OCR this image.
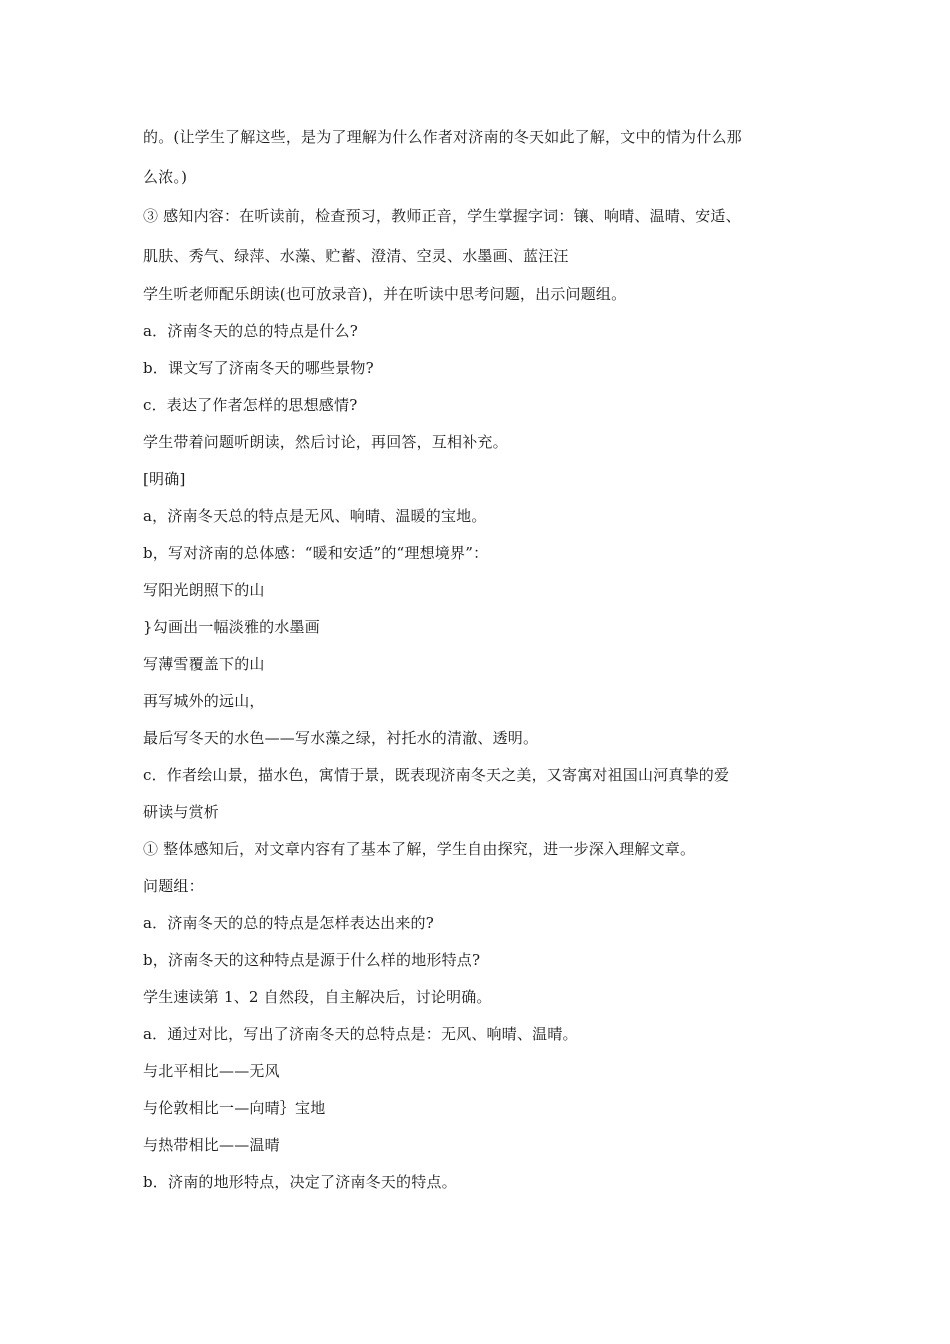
的。(让学生了解这些，是为了理解为什么作者对济南的冬天如此了解，文中的情为什么那
么浓。)
③ 感知内容：在听读前，检查预习，教师正音，学生掌握字词：镶、响晴、温晴、安适、
肌肤、秀气、绿萍、水藻、贮蓄、澄清、空灵、水墨画、蓝汪汪
学生听老师配乐朗读(也可放录音)，并在听读中思考问题，出示问题组。
a．济南冬天的总的特点是什么?
b．课文写了济南冬天的哪些景物?
c．表达了作者怎样的思想感情?
学生带着问题听朗读，然后讨论，再回答，互相补充。
[明确]
a，济南冬天总的特点是无风、响晴、温暖的宝地。
b，写对济南的总体感：“暖和安适”的“理想境界”：
写阳光朗照下的山
}勾画出一幅淡雅的水墨画
写薄雪覆盖下的山
再写城外的远山，
最后写冬天的水色——写水藻之绿，衬托水的清澈、透明。
c．作者绘山景，描水色，寓情于景，既表现济南冬天之美，又寄寓对祖国山河真挚的爱
研读与赏析
① 整体感知后，对文章内容有了基本了解，学生自由探究，进一步深入理解文章。
问题组：
a．济南冬天的总的特点是怎样表达出来的?
b，济南冬天的这种特点是源于什么样的地形特点?
学生速读第 1、2 自然段，自主解决后，讨论明确。
a．通过对比，写出了济南冬天的总特点是：无风、响晴、温晴。
与北平相比——无风
与伦敦相比一—向晴｝宝地
与热带相比——温晴
b．济南的地形特点，决定了济南冬天的特点。
